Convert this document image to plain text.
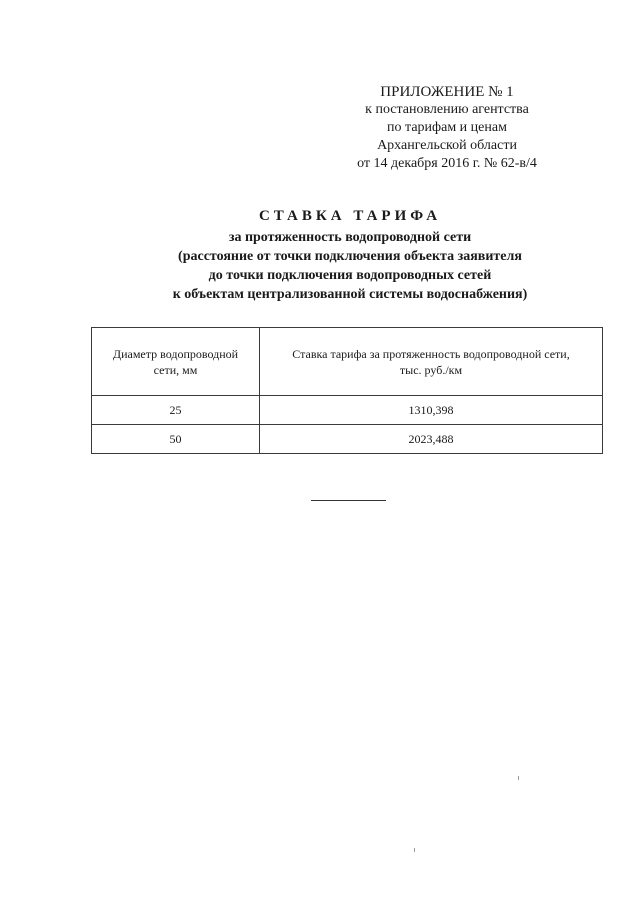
ПРИЛОЖЕНИЕ № 1
к постановлению агентства
по тарифам и ценам
Архангельской области
от 14 декабря 2016 г. № 62-в/4
СТАВКА ТАРИФА
за протяженность водопроводной сети
(расстояние от точки подключения объекта заявителя
до точки подключения водопроводных сетей
к объектам централизованной системы водоснабжения)
Диаметр водопроводной
сети, мм	Ставка тарифа за протяженность водопроводной сети,
тыс. руб./км
25	1310,398
50	2023,488
